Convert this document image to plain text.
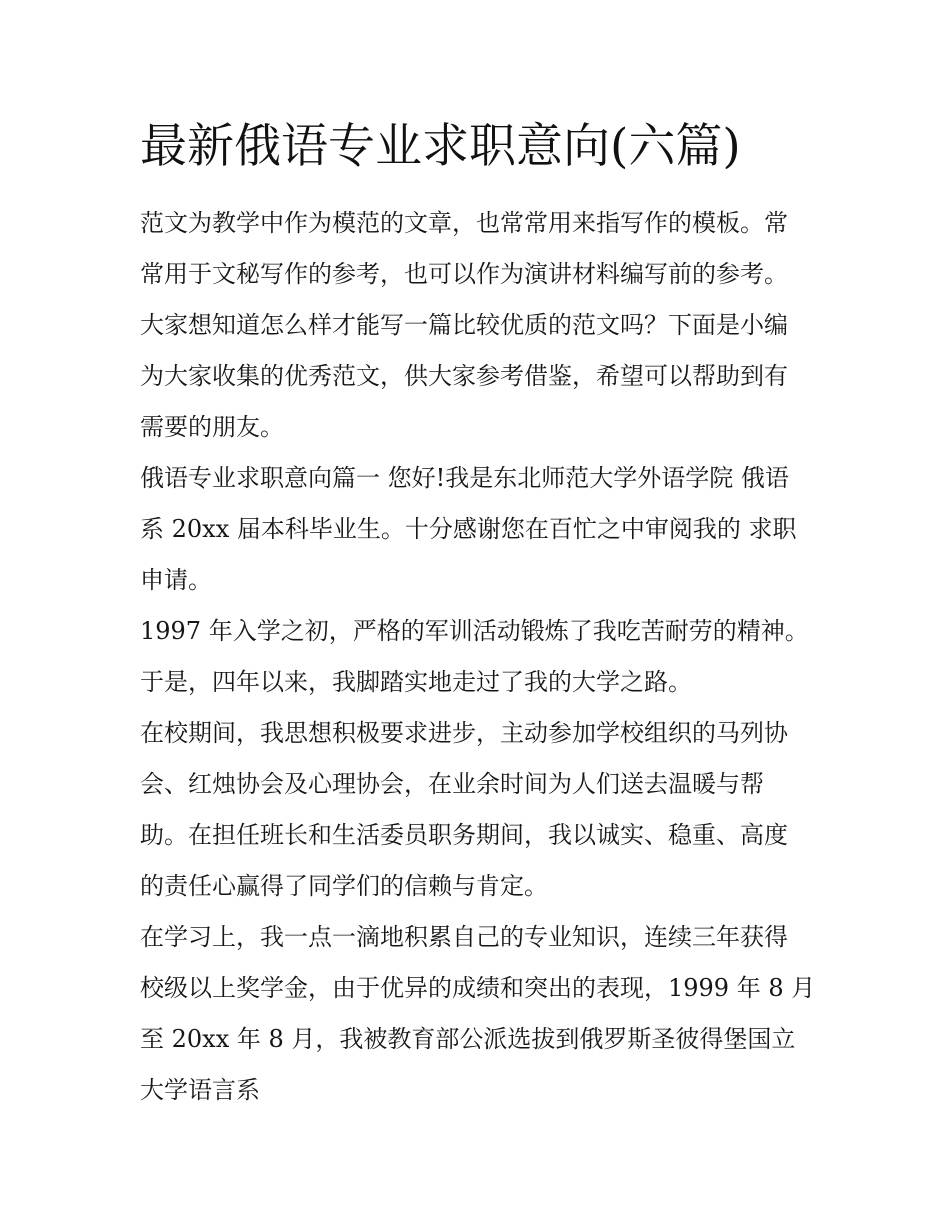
最新俄语专业求职意向(六篇)

范文为教学中作为模范的文章，也常常用来指写作的模板。常

常用于文秘写作的参考，也可以作为演讲材料编写前的参考。

大家想知道怎么样才能写一篇比较优质的范文吗？下面是小编

为大家收集的优秀范文，供大家参考借鉴，希望可以帮助到有

需要的朋友。

俄语专业求职意向篇一 您好!我是东北师范大学外语学院 俄语

系 20xx 届本科毕业生。十分感谢您在百忙之中审阅我的 求职

申请。

1997 年入学之初，严格的军训活动锻炼了我吃苦耐劳的精神。

于是，四年以来，我脚踏实地走过了我的大学之路。

在校期间，我思想积极要求进步，主动参加学校组织的马列协

会、红烛协会及心理协会，在业余时间为人们送去温暖与帮

助。在担任班长和生活委员职务期间，我以诚实、稳重、高度

的责任心赢得了同学们的信赖与肯定。

在学习上，我一点一滴地积累自己的专业知识，连续三年获得

校级以上奖学金，由于优异的成绩和突出的表现，1999 年 8 月

至 20xx 年 8 月，我被教育部公派选拔到俄罗斯圣彼得堡国立

大学语言系
